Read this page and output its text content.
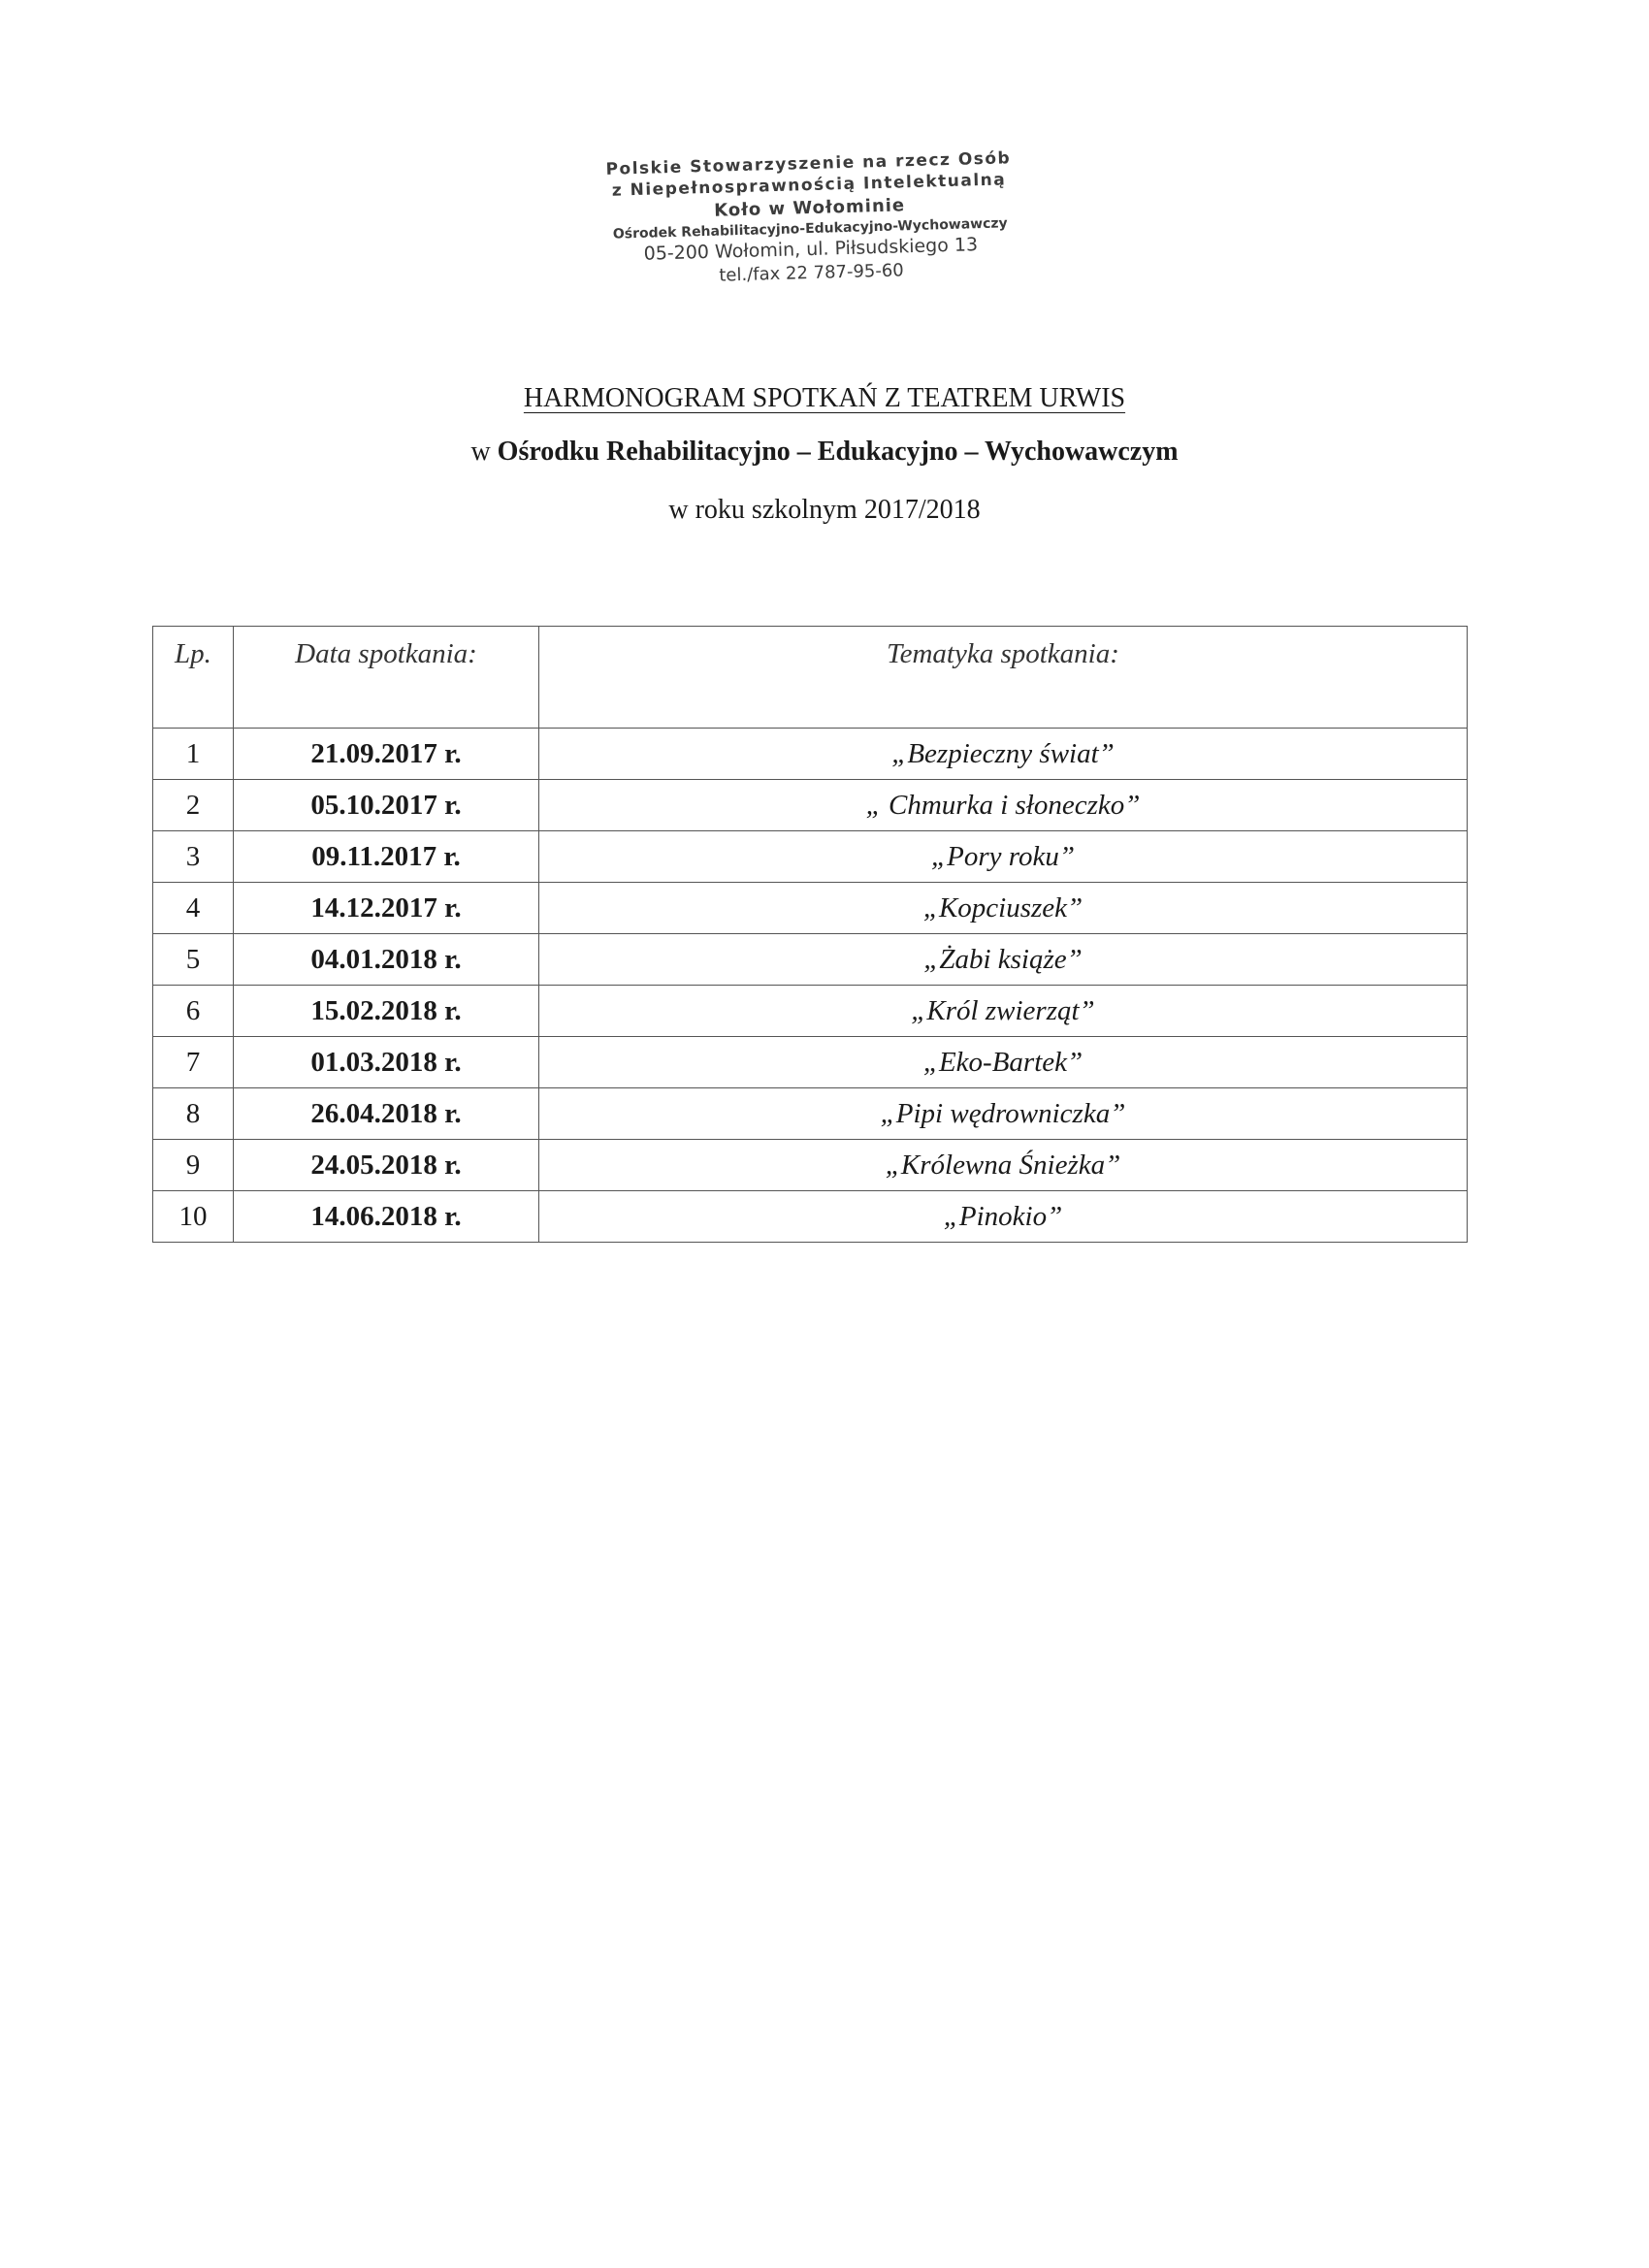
Polskie Stowarzyszenie na rzecz Osób
z Niepełnosprawnością Intelektualną
Koło w Wołominie
Ośrodek Rehabilitacyjno-Edukacyjno-Wychowawczy
05-200 Wołomin, ul. Piłsudskiego 13
tel./fax 22 787-95-60
HARMONOGRAM SPOTKAŃ Z TEATREM URWIS
w Ośrodku Rehabilitacyjno – Edukacyjno – Wychowawczym
w roku szkolnym 2017/2018
Lp.	Data spotkania:	Tematyka spotkania:
1	21.09.2017 r.	„Bezpieczny świat”
2	05.10.2017 r.	„ Chmurka i słoneczko”
3	09.11.2017 r.	„Pory roku”
4	14.12.2017 r.	„Kopciuszek”
5	04.01.2018 r.	„Żabi książe”
6	15.02.2018 r.	„Król zwierząt”
7	01.03.2018 r.	„Eko-Bartek”
8	26.04.2018 r.	„Pipi wędrowniczka”
9	24.05.2018 r.	„Królewna Śnieżka”
10	14.06.2018 r.	„Pinokio”
